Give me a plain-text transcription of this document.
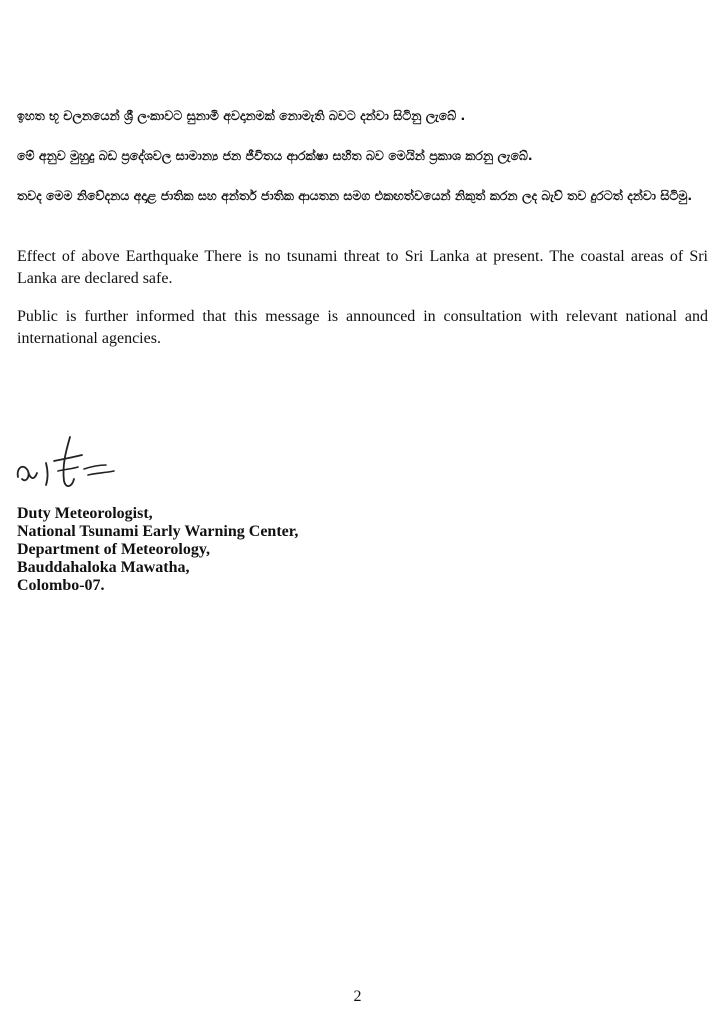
ඉහත භූ චලනයෙන් ශ්‍රී ලංකාවට සුනාමි අවදානමක් නොමැති බවට දන්වා සිටිනු ලැබේ .

මේ අනුව මුහුදු බඩ ප්‍රදේශවල සාමාන්‍ය ජන ජීවිතය ආරක්ෂා සහිත බව මෙයින් ප්‍රකාශ කරනු ලැබේ.

තවද මෙම නිවේදනය අදාළ ජාතික සහ අන්තර් ජාතික ආයතන සමග එකඟත්වයෙන් නිකුත් කරන ලද බැව් තව දුරටත් දන්වා සිටිමු.

Effect of above Earthquake There is no tsunami threat to Sri Lanka at present. The coastal areas of Sri Lanka are declared safe.

Public is further informed that this message is announced in consultation with relevant national and international agencies.

Duty Meteorologist,
National Tsunami Early Warning Center,
Department of Meteorology,
Bauddahaloka Mawatha,
Colombo-07.
2
